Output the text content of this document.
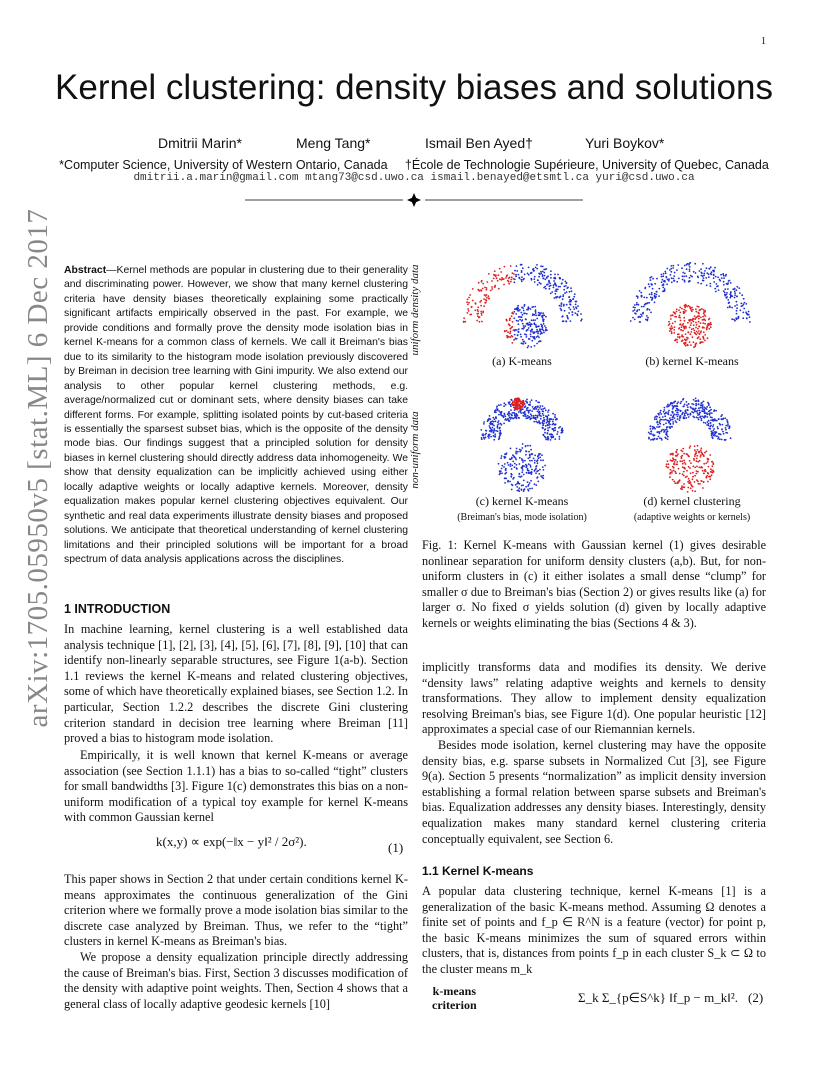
1
Kernel clustering: density biases and solutions
Dmitrii Marin*	Meng Tang*	Ismail Ben Ayed†	Yuri Boykov*
*Computer Science, University of Western Ontario, Canada     †École de Technologie Supérieure, University of Quebec, Canada
dmitrii.a.marin@gmail.com mtang73@csd.uwo.ca ismail.benayed@etsmtl.ca yuri@csd.uwo.ca
arXiv:1705.05950v5 [stat.ML] 6 Dec 2017 Abstract—Kernel methods are popular in clustering due to their generality and discriminating power. However, we show that many kernel clustering criteria have density biases theoretically explaining some practically significant artifacts empirically observed in the past. For example, we provide conditions and formally prove the density mode isolation bias in kernel K-means for a common class of kernels. We call it Breiman's bias due to its similarity to the histogram mode isolation previously discovered by Breiman in decision tree learning with Gini impurity. We also extend our analysis to other popular kernel clustering methods, e.g. average/normalized cut or dominant sets, where density biases can take different forms. For example, splitting isolated points by cut-based criteria is essentially the sparsest subset bias, which is the opposite of the density mode bias. Our findings suggest that a principled solution for density biases in kernel clustering should directly address data inhomogeneity. We show that density equalization can be implicitly achieved using either locally adaptive weights or locally adaptive kernels. Moreover, density equalization makes popular kernel clustering objectives equivalent. Our synthetic and real data experiments illustrate density biases and proposed solutions. We anticipate that theoretical understanding of kernel clustering limitations and their principled solutions will be important for a broad spectrum of data analysis applications across the disciplines.
1 INTRODUCTION
In machine learning, kernel clustering is a well established data analysis technique [1], [2], [3], [4], [5], [6], [7], [8], [9], [10] that can identify non-linearly separable structures, see Figure 1(a-b). Section 1.1 reviews the kernel K-means and related clustering objectives, some of which have theoretically explained biases, see Section 1.2. In particular, Section 1.2.2 describes the discrete Gini clustering criterion standard in decision tree learning where Breiman [11] proved a bias to histogram mode isolation.
Empirically, it is well known that kernel K-means or average association (see Section 1.1.1) has a bias to so-called “tight” clusters for small bandwidths [3]. Figure 1(c) demonstrates this bias on a non-uniform modification of a typical toy example for kernel K-means with common Gaussian kernel
k(x,y) ∝ exp(−‖x − y‖² / 2σ²).	(1)
This paper shows in Section 2 that under certain conditions kernel K-means approximates the continuous generalization of the Gini criterion where we formally prove a mode isolation bias similar to the discrete case analyzed by Breiman. Thus, we refer to the “tight” clusters in kernel K-means as Breiman's bias.
We propose a density equalization principle directly addressing the cause of Breiman's bias. First, Section 3 discusses modification of the density with adaptive point weights. Then, Section 4 shows that a general class of locally adaptive geodesic kernels [10]
uniform density data
non-uniform data
(a) K-means	(b) kernel K-means
(c) kernel K-means	(d) kernel clustering
(Breiman's bias, mode isolation)	(adaptive weights or kernels)
Fig. 1: Kernel K-means with Gaussian kernel (1) gives desirable nonlinear separation for uniform density clusters (a,b). But, for non-uniform clusters in (c) it either isolates a small dense “clump” for smaller σ due to Breiman's bias (Section 2) or gives results like (a) for larger σ. No fixed σ yields solution (d) given by locally adaptive kernels or weights eliminating the bias (Sections 4 & 3).
implicitly transforms data and modifies its density. We derive “density laws” relating adaptive weights and kernels to density transformations. They allow to implement density equalization resolving Breiman's bias, see Figure 1(d). One popular heuristic [12] approximates a special case of our Riemannian kernels.
Besides mode isolation, kernel clustering may have the opposite density bias, e.g. sparse subsets in Normalized Cut [3], see Figure 9(a). Section 5 presents “normalization” as implicit density inversion establishing a formal relation between sparse subsets and Breiman's bias. Equalization addresses any density biases. Interestingly, density equalization makes many standard kernel clustering criteria conceptually equivalent, see Section 6.
1.1 Kernel K-means
A popular data clustering technique, kernel K-means [1] is a generalization of the basic K-means method. Assuming Ω denotes a finite set of points and f_p ∈ R^N is a feature (vector) for point p, the basic K-means minimizes the sum of squared errors within clusters, that is, distances from points f_p in each cluster S_k ⊂ Ω to the cluster means m_k
k-means
criterion	Σ_k Σ_{p∈S^k} ‖f_p − m_k‖². (2)
